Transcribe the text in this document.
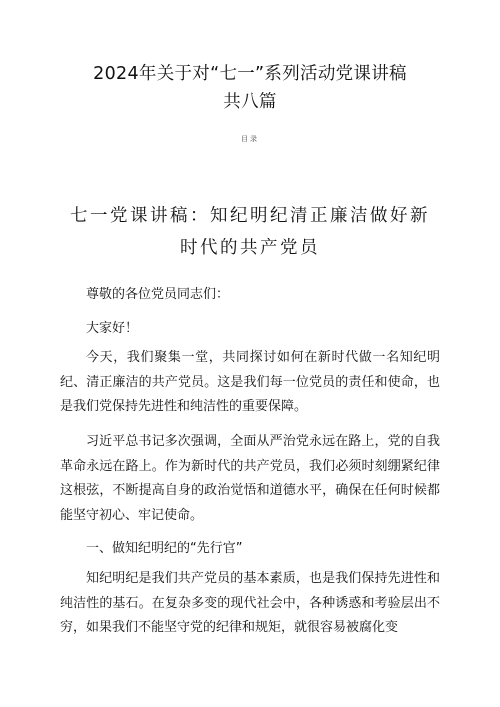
2024年关于对“七一”系列活动党课讲稿
共八篇
目录
七一党课讲稿：知纪明纪清正廉洁做好新
时代的共产党员

尊敬的各位党员同志们：

大家好！

今天，我们聚集一堂，共同探讨如何在新时代做一名知纪明纪、清正廉洁的共产党员。这是我们每一位党员的责任和使命，也是我们党保持先进性和纯洁性的重要保障。

习近平总书记多次强调，全面从严治党永远在路上，党的自我革命永远在路上。作为新时代的共产党员，我们必须时刻绷紧纪律这根弦，不断提高自身的政治觉悟和道德水平，确保在任何时候都能坚守初心、牢记使命。

一、做知纪明纪的“先行官”

知纪明纪是我们共产党员的基本素质，也是我们保持先进性和纯洁性的基石。在复杂多变的现代社会中，各种诱惑和考验层出不穷，如果我们不能坚守党的纪律和规矩，就很容易被腐化变
